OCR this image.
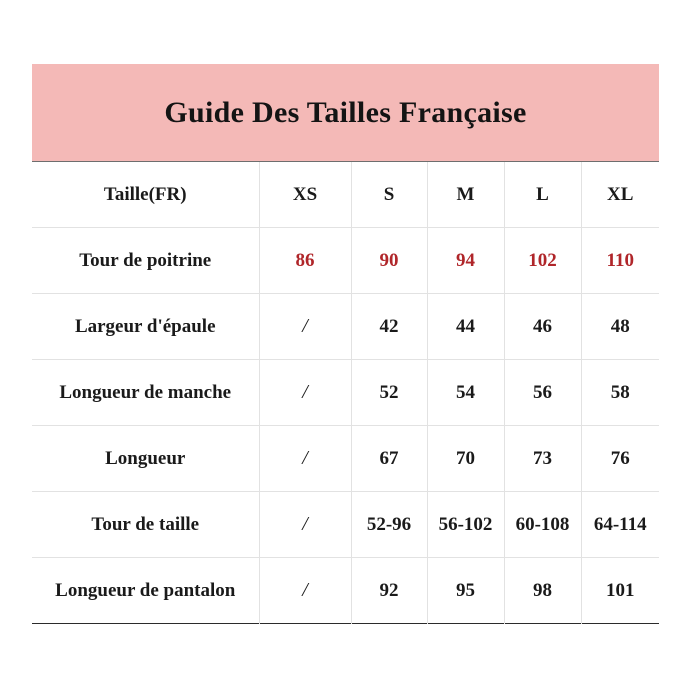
Guide Des Tailles Française
Taille(FR)	XS	S	M	L	XL
Tour de poitrine	86	90	94	102	110
Largeur d'épaule	/	42	44	46	48
Longueur de manche	/	52	54	56	58
Longueur	/	67	70	73	76
Tour de taille	/	52-96	56-102	60-108	64-114
Longueur de pantalon	/	92	95	98	101
